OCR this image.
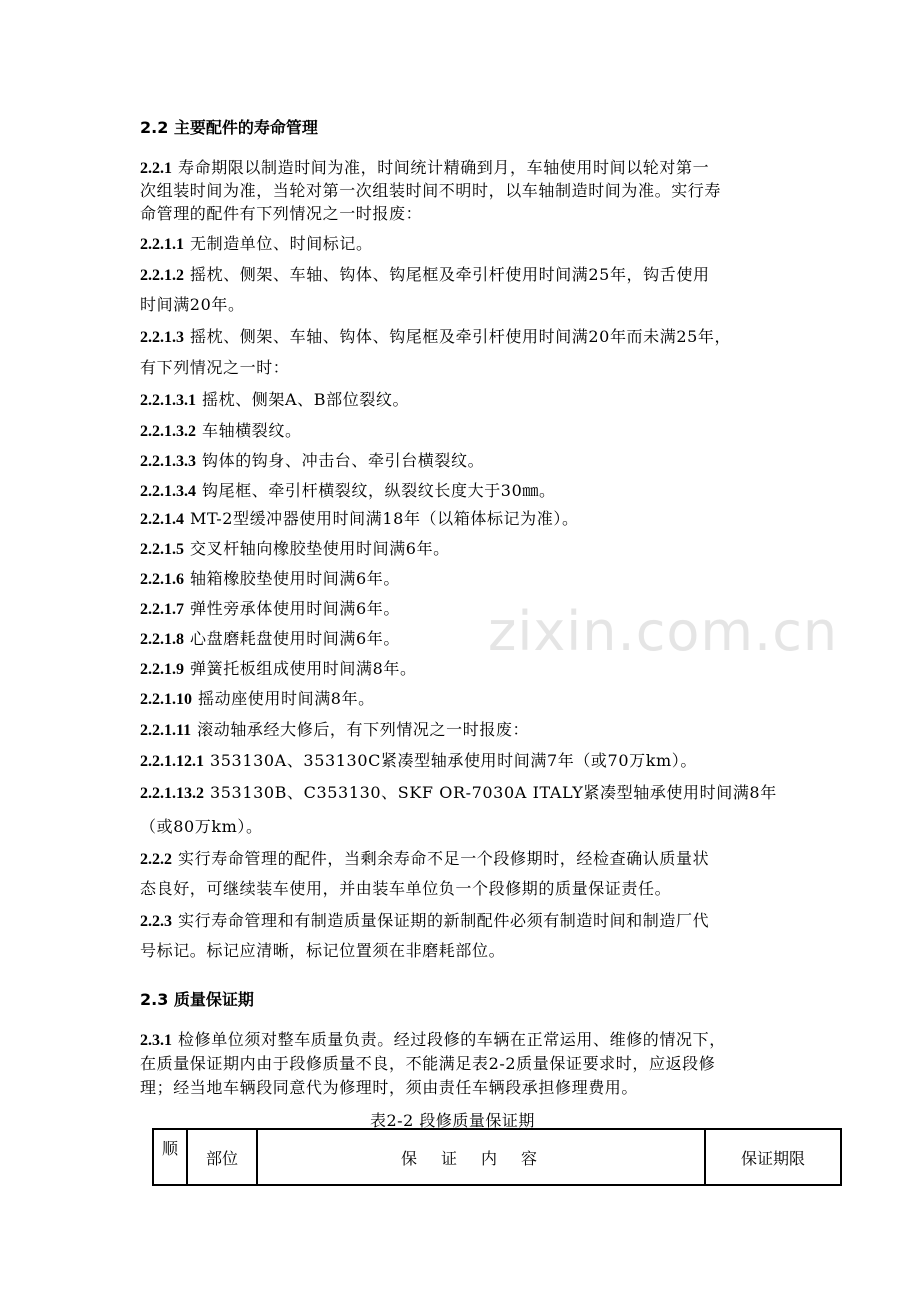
2.2 主要配件的寿命管理
2.2.1 寿命期限以制造时间为准，时间统计精确到月，车轴使用时间以轮对第一
次组装时间为准，当轮对第一次组装时间不明时，以车轴制造时间为准。实行寿
命管理的配件有下列情况之一时报废：
2.2.1.1 无制造单位、时间标记。
2.2.1.2 摇枕、侧架、车轴、钩体、钩尾框及牵引杆使用时间满25年，钩舌使用
时间满20年。
2.2.1.3 摇枕、侧架、车轴、钩体、钩尾框及牵引杆使用时间满20年而未满25年，
有下列情况之一时：
2.2.1.3.1 摇枕、侧架A、B部位裂纹。
2.2.1.3.2 车轴横裂纹。
2.2.1.3.3 钩体的钩身、冲击台、牵引台横裂纹。
2.2.1.3.4 钩尾框、牵引杆横裂纹，纵裂纹长度大于30㎜。
2.2.1.4 MT-2型缓冲器使用时间满18年（以箱体标记为准）。
2.2.1.5 交叉杆轴向橡胶垫使用时间满6年。
2.2.1.6 轴箱橡胶垫使用时间满6年。
2.2.1.7 弹性旁承体使用时间满6年。
2.2.1.8 心盘磨耗盘使用时间满6年。
2.2.1.9 弹簧托板组成使用时间满8年。
2.2.1.10 摇动座使用时间满8年。
2.2.1.11 滚动轴承经大修后，有下列情况之一时报废：
2.2.1.12.1 353130A、353130C紧凑型轴承使用时间满7年（或70万km）。
2.2.1.13.2 353130B、C353130、SKF OR-7030A ITALY紧凑型轴承使用时间满8年
（或80万km）。
2.2.2 实行寿命管理的配件，当剩余寿命不足一个段修期时，经检查确认质量状
态良好，可继续装车使用，并由装车单位负一个段修期的质量保证责任。
2.2.3 实行寿命管理和有制造质量保证期的新制配件必须有制造时间和制造厂代
号标记。标记应清晰，标记位置须在非磨耗部位。
2.3 质量保证期
2.3.1 检修单位须对整车质量负责。经过段修的车辆在正常运用、维修的情况下，
在质量保证期内由于段修质量不良，不能满足表2-2质量保证要求时，应返段修
理；经当地车辆段同意代为修理时，须由责任车辆段承担修理费用。
zixin.com.cn
表2-2 段修质量保证期
顺	部位	保证内容	保证期限
